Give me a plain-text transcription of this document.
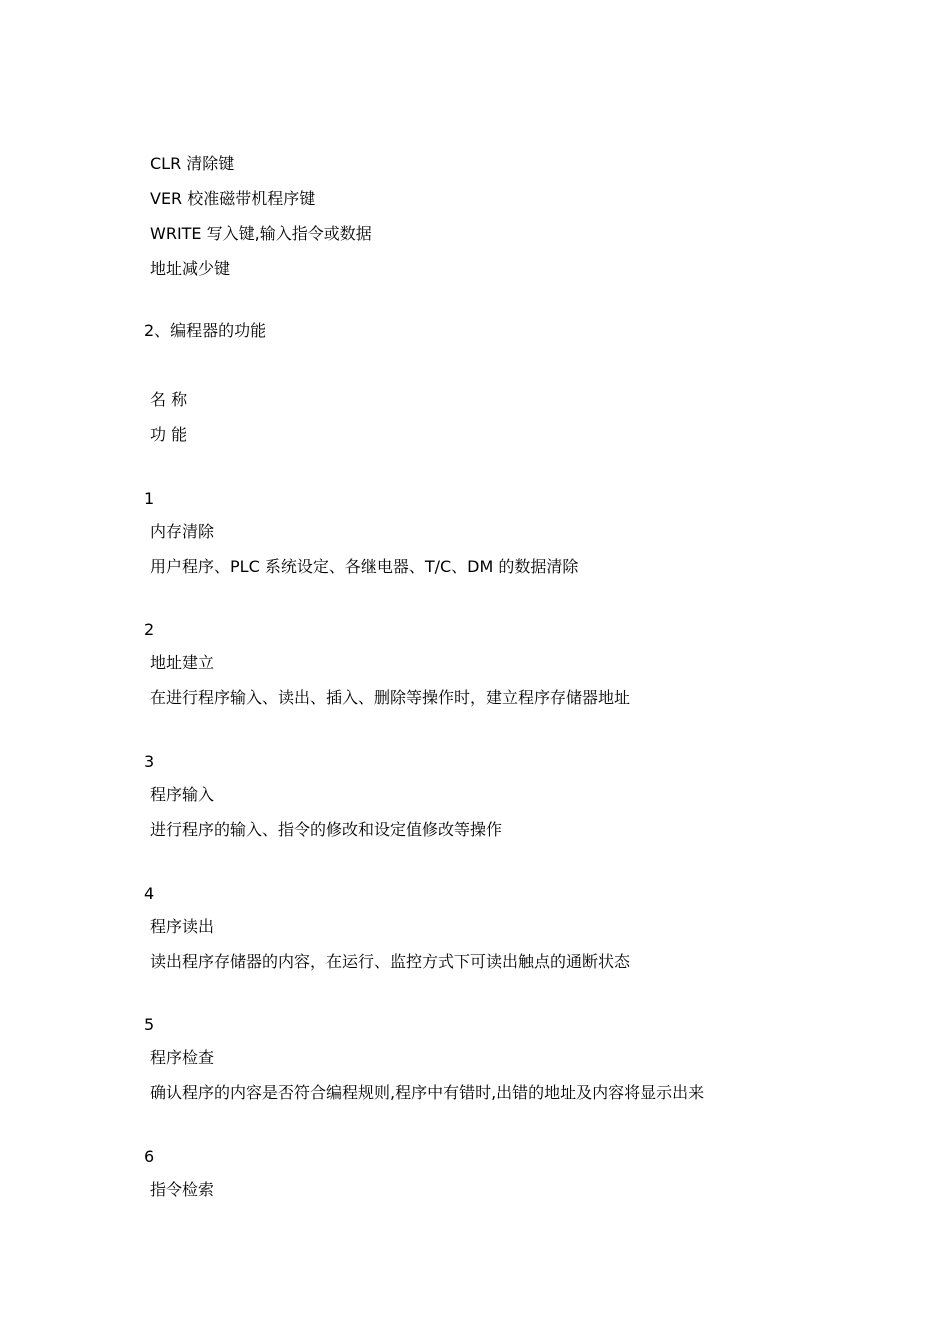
CLR 清除键
VER 校准磁带机程序键
WRITE 写入键,输入指令或数据
地址减少键
2、编程器的功能
名 称
功 能
1
内存清除
用户程序、PLC 系统设定、各继电器、T/C、DM 的数据清除
2
地址建立
在进行程序输入、读出、插入、删除等操作时，建立程序存储器地址
3
程序输入
进行程序的输入、指令的修改和设定值修改等操作
4
程序读出
读出程序存储器的内容，在运行、监控方式下可读出触点的通断状态
5
程序检查
确认程序的内容是否符合编程规则,程序中有错时,出错的地址及内容将显示出来
6
指令检索
